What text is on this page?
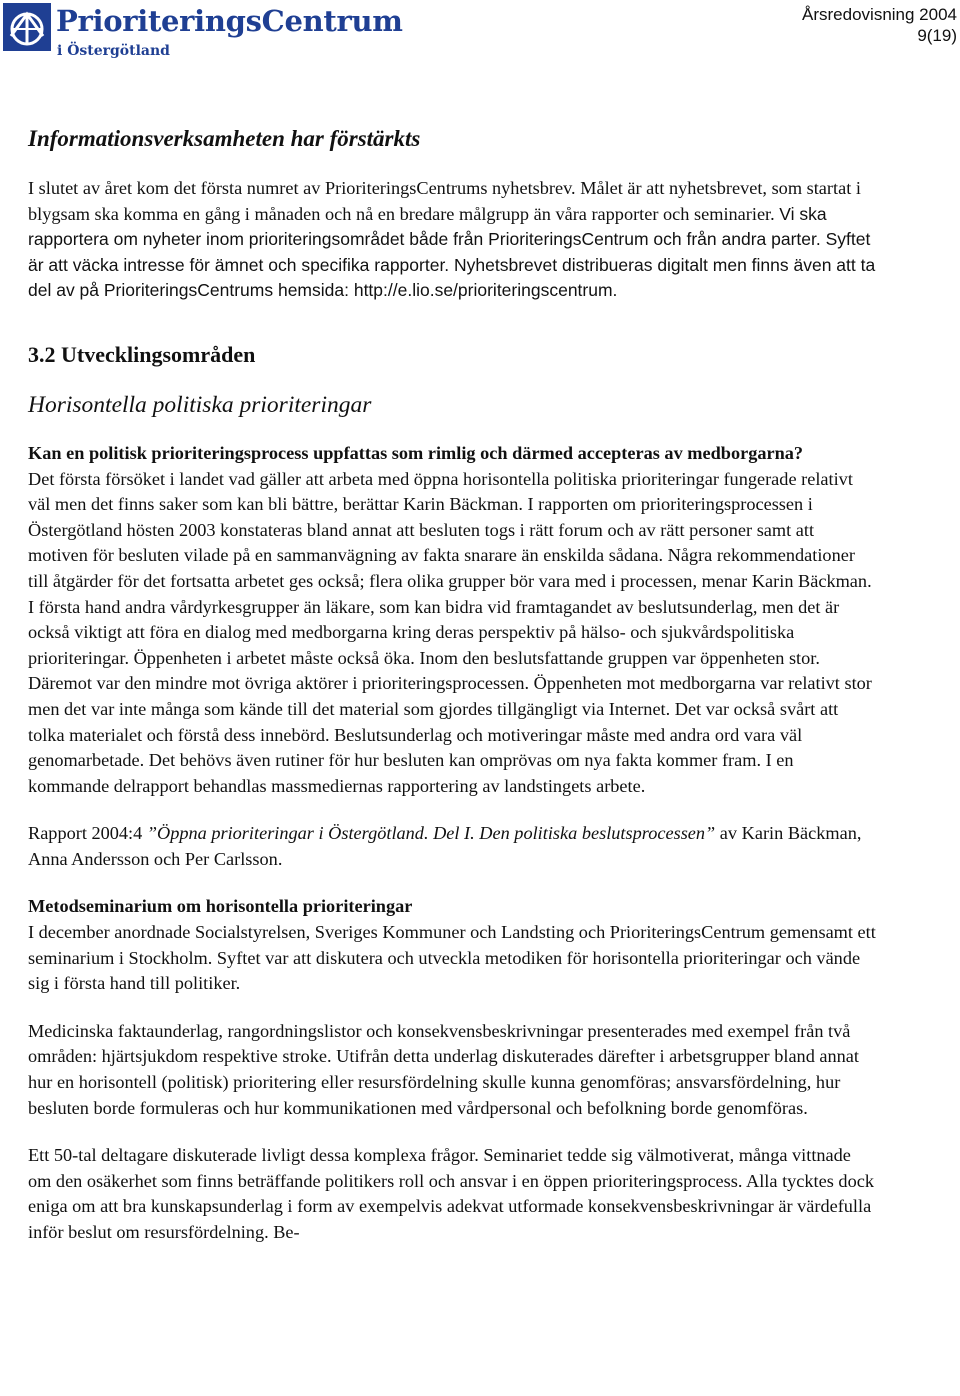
PrioriteringsCentrum
i Östergötland
Årsredovisning 2004
9(19)
Informationsverksamheten har förstärkts

I slutet av året kom det första numret av PrioriteringsCentrums nyhetsbrev. Målet är att nyhetsbrevet, som startat i blygsam ska komma en gång i månaden och nå en bredare målgrupp än våra rapporter och seminarier. Vi ska rapportera om nyheter inom prioriteringsområdet både från PrioriteringsCentrum och från andra parter. Syftet är att väcka intresse för ämnet och specifika rapporter. Nyhetsbrevet distribueras digitalt men finns även att ta del av på PrioriteringsCentrums hemsida: http://e.lio.se/prioriteringscentrum.

3.2 Utvecklingsområden
Horisontella politiska prioriteringar

Kan en politisk prioriteringsprocess uppfattas som rimlig och därmed accepteras av medborgarna?

Det första försöket i landet vad gäller att arbeta med öppna horisontella politiska prioriteringar fungerade relativt väl men det finns saker som kan bli bättre, berättar Karin Bäckman. I rapporten om prioriteringsprocessen i Östergötland hösten 2003 konstateras bland annat att besluten togs i rätt forum och av rätt personer samt att motiven för besluten vilade på en sammanvägning av fakta snarare än enskilda sådana. Några rekommendationer till åtgärder för det fortsatta arbetet ges också; flera olika grupper bör vara med i processen, menar Karin Bäckman. I första hand andra vårdyrkesgrupper än läkare, som kan bidra vid framtagandet av beslutsunderlag, men det är också viktigt att föra en dialog med medborgarna kring deras perspektiv på hälso- och sjukvårdspolitiska prioriteringar. Öppenheten i arbetet måste också öka. Inom den beslutsfattande gruppen var öppenheten stor. Däremot var den mindre mot övriga aktörer i prioriteringsprocessen. Öppenheten mot medborgarna var relativt stor men det var inte många som kände till det material som gjordes tillgängligt via Internet. Det var också svårt att tolka materialet och förstå dess innebörd. Beslutsunderlag och motiveringar måste med andra ord vara väl genomarbetade. Det behövs även rutiner för hur besluten kan omprövas om nya fakta kommer fram. I en kommande delrapport behandlas massmediernas rapportering av landstingets arbete.

Rapport 2004:4 ”Öppna prioriteringar i Östergötland. Del I. Den politiska beslutsprocessen” av Karin Bäckman, Anna Andersson och Per Carlsson.

Metodseminarium om horisontella prioriteringar

I december anordnade Socialstyrelsen, Sveriges Kommuner och Landsting och PrioriteringsCentrum gemensamt ett seminarium i Stockholm. Syftet var att diskutera och utveckla metodiken för horisontella prioriteringar och vände sig i första hand till politiker.

Medicinska faktaunderlag, rangordningslistor och konsekvensbeskrivningar presenterades med exempel från två områden: hjärtsjukdom respektive stroke. Utifrån detta underlag diskuterades därefter i arbetsgrupper bland annat hur en horisontell (politisk) prioritering eller resursfördelning skulle kunna genomföras; ansvarsfördelning, hur besluten borde formuleras och hur kommunikationen med vårdpersonal och befolkning borde genomföras.

Ett 50-tal deltagare diskuterade livligt dessa komplexa frågor. Seminariet tedde sig välmotiverat, många vittnade om den osäkerhet som finns beträffande politikers roll och ansvar i en öppen prioriteringsprocess. Alla tycktes dock eniga om att bra kunskapsunderlag i form av exempelvis adekvat utformade konsekvensbeskrivningar är värdefulla inför beslut om resursfördelning. Be-
